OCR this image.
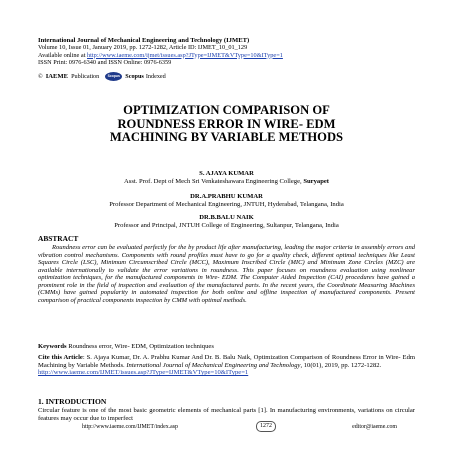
International Journal of Mechanical Engineering and Technology (IJMET)
Volume 10, Issue 01, January 2019, pp. 1272-1282, Article ID: IJMET_10_01_129
Available online at http://www.iaeme.com/ijmet/issues.asp?JType=IJMET&VType=10&IType=1
ISSN Print: 0976-6340 and ISSN Online: 0976-6359
© IAEME Publication	Scopus Scopus Indexed
OPTIMIZATION COMPARISON OF
ROUNDNESS ERROR IN WIRE- EDM
MACHINING BY VARIABLE METHODS
S. AJAYA KUMAR
Asst. Prof. Dept of Mech Sri Venkateshawara Engineering College, Suryapet
DR.A.PRABHU KUMAR
Professor Department of Mechanical Engineering, JNTUH, Hyderabad, Telangana, India
DR.B.BALU NAIK
Professor and Principal, JNTUH College of Engineering, Sultanpur, Telangana, India
ABSTRACT

Roundness error can be evaluated perfectly for the by product life after manufacturing, leading the major criteria in assembly errors and vibration control mechanisms. Components with round profiles must have to go for a quality check, different optimal techniques like Least Squares Circle (LSC), Minimum Circumscribed Circle (MCC), Maximum Inscribed Circle (MIC) and Minimum Zone Circles (MZC) are available internationally to validate the error variations in roundness. This paper focuses on roundness evaluation using nonlinear optimization techniques, for the manufactured components in Wire- EDM. The Computer Aided Inspection (CAI) procedures have gained a prominent role in the field of inspection and evaluation of the manufactured parts. In the recent years, the Coordinate Measuring Machines (CMMs) have gained popularity in automated inspection for both online and offline inspection of manufactured components. Present comparison of practical components inspection by CMM with optimal methods.

Keywords Roundness error, Wire- EDM, Optimization techniques
Cite this Article: S. Ajaya Kumar, Dr. A. Prabhu Kumar And Dr. B. Balu Naik, Optimization Comparison of Roundness Error in Wire- Edm Machining by Variable Methods. International Journal of Mechanical Engineering and Technology, 10(01), 2019, pp. 1272-1282.
http://www.iaeme.com/IJMET/issues.asp?JType=IJMET&VType=10&IType=1
1. INTRODUCTION

Circular feature is one of the most basic geometric elements of mechanical parts [1]. In manufacturing environments, variations on circular features may occur due to imperfect

http://www.iaeme.com/IJMET/index.asp	1272	editor@iaeme.com
